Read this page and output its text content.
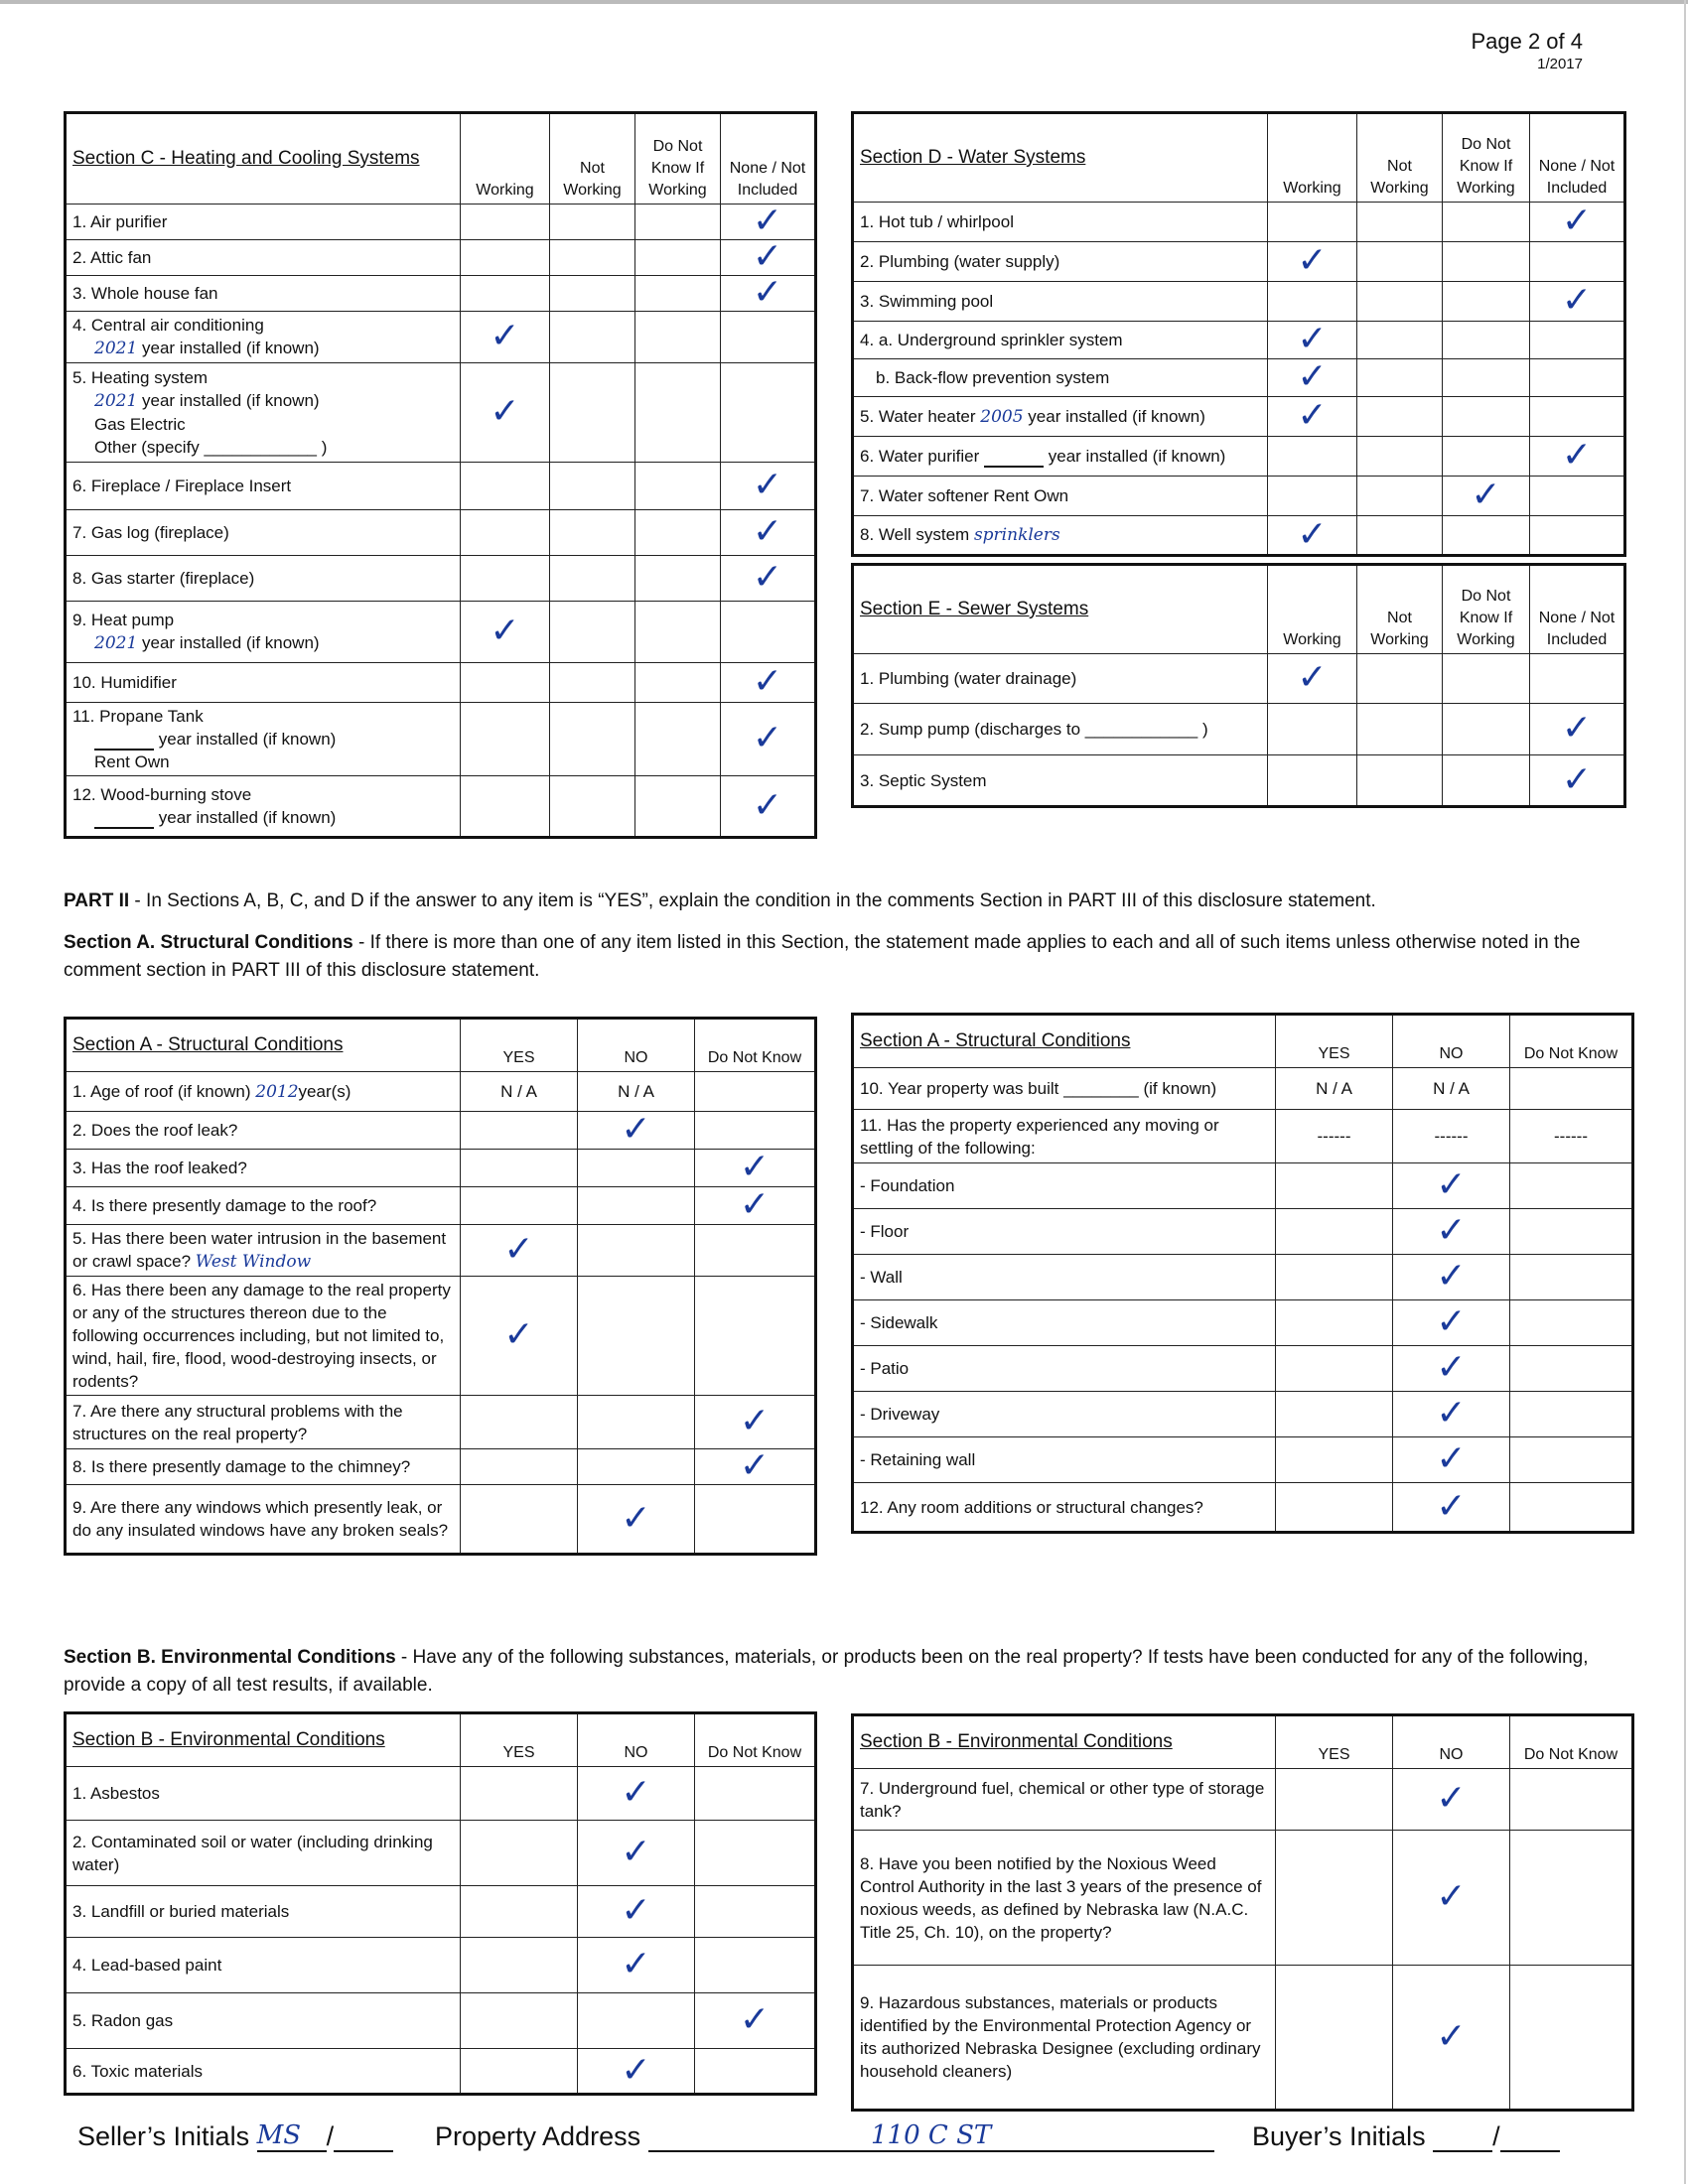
Page 2 of 4
1/2017
Section C - Heating and Cooling Systems	Working	Not Working	Do Not Know If Working	None / Not Included
1. Air purifier				✓
2. Attic fan				✓
3. Whole house fan				✓
4. Central air conditioning
2021 year installed (if known)	✓			
5. Heating system
2021 year installed (if known)
Gas Electric
Other (specify ____________ )	✓			
6. Fireplace / Fireplace Insert				✓
7. Gas log (fireplace)				✓
8. Gas starter (fireplace)				✓
9. Heat pump
2021 year installed (if known)	✓			
10. Humidifier				✓
11. Propane Tank
year installed (if known)
Rent Own				✓
12. Wood-burning stove
year installed (if known)				✓
Section D - Water Systems	Working	Not Working	Do Not Know If Working	None / Not Included
1. Hot tub / whirlpool				✓
2. Plumbing (water supply)	✓			
3. Swimming pool				✓
4. a. Underground sprinkler system	✓			
b. Back-flow prevention system	✓			
5. Water heater 2005 year installed (if known)	✓			
6. Water purifier year installed (if known)				✓
7. Water softener Rent Own			✓	
8. Well system sprinklers	✓			
Section E - Sewer Systems	Working	Not Working	Do Not Know If Working	None / Not Included
1. Plumbing (water drainage)	✓			
2. Sump pump (discharges to ____________ )				✓
3. Septic System				✓
PART II - In Sections A, B, C, and D if the answer to any item is “YES”, explain the condition in the comments Section in PART III of this disclosure statement.
Section A. Structural Conditions - If there is more than one of any item listed in this Section, the statement made applies to each and all of such items unless otherwise noted in the comment section in PART III of this disclosure statement.
Section A - Structural Conditions	YES	NO	Do Not Know
1. Age of roof (if known) 2012year(s)	N / A	N / A	
2. Does the roof leak?		✓	
3. Has the roof leaked?			✓
4. Is there presently damage to the roof?			✓
5. Has there been water intrusion in the basement or crawl space? West Window	✓		
6. Has there been any damage to the real property or any of the structures thereon due to the following occurrences including, but not limited to, wind, hail, fire, flood, wood-destroying insects, or rodents?	✓		
7. Are there any structural problems with the structures on the real property?			✓
8. Is there presently damage to the chimney?			✓
9. Are there any windows which presently leak, or do any insulated windows have any broken seals?		✓	
Section A - Structural Conditions	YES	NO	Do Not Know
10. Year property was built ________ (if known)	N / A	N / A	
11. Has the property experienced any moving or settling of the following:	------	------	------
- Foundation		✓	
- Floor		✓	
- Wall		✓	
- Sidewalk		✓	
- Patio		✓	
- Driveway		✓	
- Retaining wall		✓	
12. Any room additions or structural changes?		✓	
Section B. Environmental Conditions - Have any of the following substances, materials, or products been on the real property? If tests have been conducted for any of the following, provide a copy of all test results, if available.
Section B - Environmental Conditions	YES	NO	Do Not Know
1. Asbestos		✓	
2. Contaminated soil or water (including drinking water)		✓	
3. Landfill or buried materials		✓	
4. Lead-based paint		✓	
5. Radon gas			✓
6. Toxic materials		✓	
Section B - Environmental Conditions	YES	NO	Do Not Know
7. Underground fuel, chemical or other type of storage tank?		✓	
8. Have you been notified by the Noxious Weed Control Authority in the last 3 years of the presence of noxious weeds, as defined by Nebraska law (N.A.C. Title 25, Ch. 10), on the property?		✓	
9. Hazardous substances, materials or products identified by the Environmental Protection Agency or its authorized Nebraska Designee (excluding ordinary household cleaners)		✓	
Seller’s Initials MS /	Property Address	110 C ST	Buyer’s Initials	/
